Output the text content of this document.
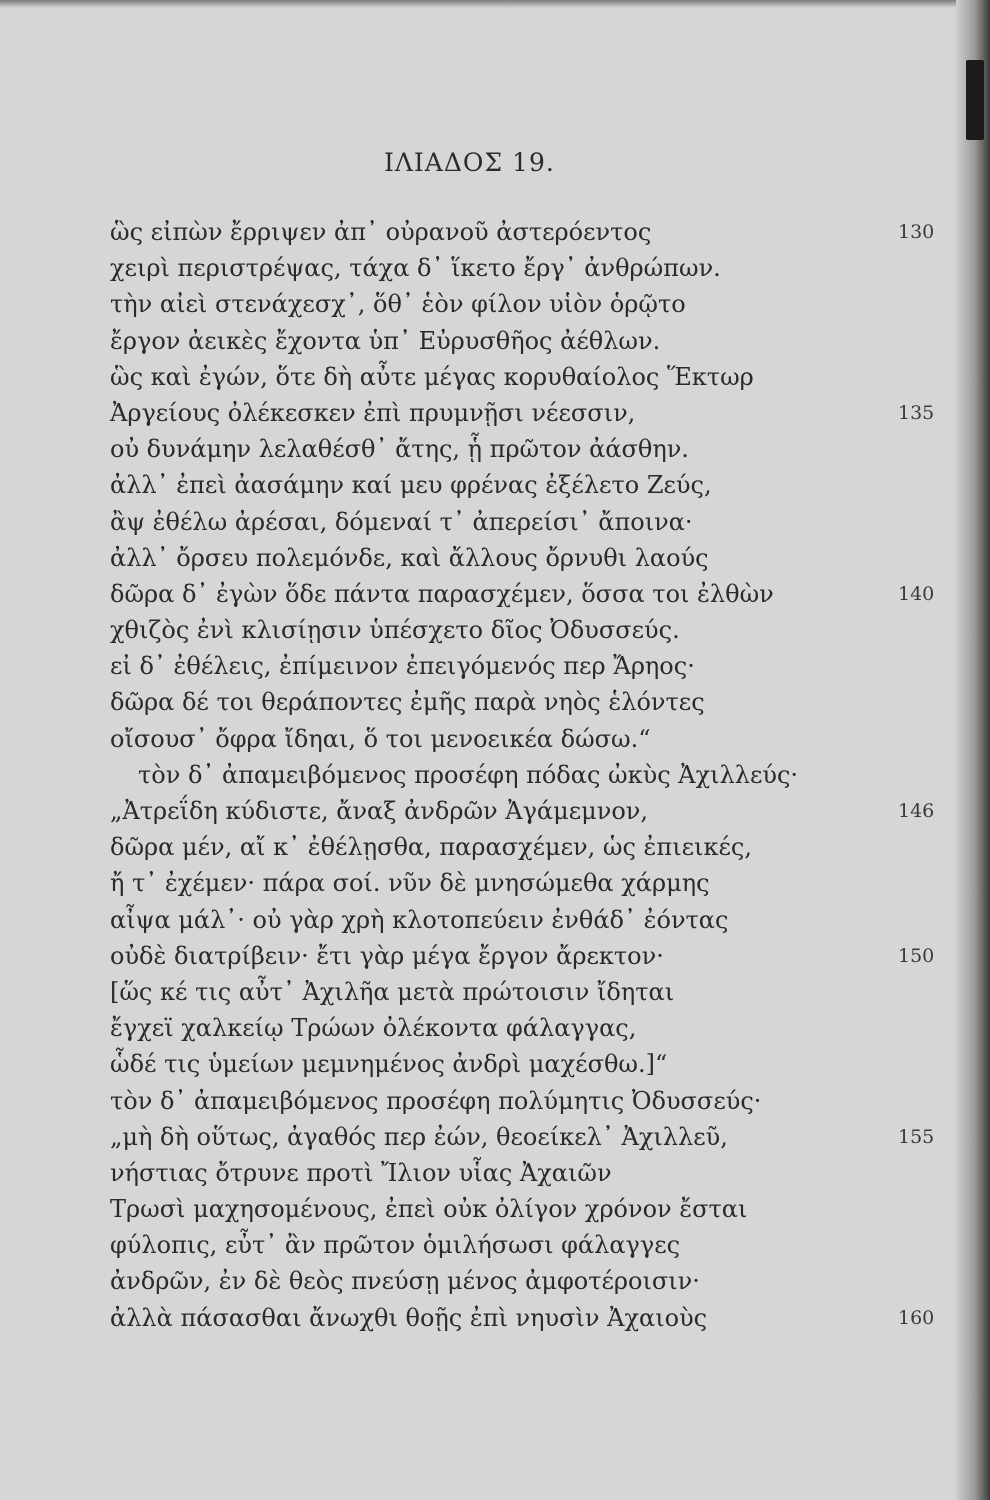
ΙΛΙΑΔΟΣ 19.
ὣς εἰπὼν ἔρριψεν ἀπ᾽ οὐρανοῦ ἀστερόεντος	130
χειρὶ περιστρέψας, τάχα δ᾽ ἵκετο ἔργ᾽ ἀνθρώπων.
τὴν αἰεὶ στενάχεσχ᾽, ὅθ᾽ ἑὸν φίλον υἱὸν ὁρῷτο
ἔργον ἀεικὲς ἔχοντα ὑπ᾽ Εὐρυσθῆος ἀέθλων.
ὣς καὶ ἐγών, ὅτε δὴ αὖτε μέγας κορυθαίολος Ἕκτωρ
Ἀργείους ὀλέκεσκεν ἐπὶ πρυμνῇσι νέεσσιν,	135
οὐ δυνάμην λελαθέσθ᾽ ἄτης, ᾗ πρῶτον ἀάσθην.
ἀλλ᾽ ἐπεὶ ἀασάμην καί μευ φρένας ἐξέλετο Ζεύς,
ἂψ ἐθέλω ἀρέσαι, δόμεναί τ᾽ ἀπερείσι᾽ ἄποινα·
ἀλλ᾽ ὄρσευ πολεμόνδε, καὶ ἄλλους ὄρνυθι λαούς
δῶρα δ᾽ ἐγὼν ὅδε πάντα παρασχέμεν, ὅσσα τοι ἐλθὼν	140
χθιζὸς ἐνὶ κλισίῃσιν ὑπέσχετο δῖος Ὀδυσσεύς.
εἰ δ᾽ ἐθέλεις, ἐπίμεινον ἐπειγόμενός περ Ἄρηος·
δῶρα δέ τοι θεράποντες ἐμῆς παρὰ νηὸς ἑλόντες
οἴσουσ᾽ ὄφρα ἴδηαι, ὅ τοι μενοεικέα δώσω.“
τὸν δ᾽ ἀπαμειβόμενος προσέφη πόδας ὠκὺς Ἀχιλλεύς·
„Ἀτρεΐδη κύδιστε, ἄναξ ἀνδρῶν Ἀγάμεμνον,	146
δῶρα μέν, αἴ κ᾽ ἐθέλῃσθα, παρασχέμεν, ὡς ἐπιεικές,
ἤ τ᾽ ἐχέμεν· πάρα σοί. νῦν δὲ μνησώμεθα χάρμης
αἶψα μάλ᾽· οὐ γὰρ χρὴ κλοτοπεύειν ἐνθάδ᾽ ἐόντας
οὐδὲ διατρίβειν· ἔτι γὰρ μέγα ἔργον ἄρεκτον·	150
[ὥς κέ τις αὖτ᾽ Ἀχιλῆα μετὰ πρώτοισιν ἴδηται
ἔγχεϊ χαλκείῳ Τρώων ὀλέκοντα φάλαγγας,
ὧδέ τις ὑμείων μεμνημένος ἀνδρὶ μαχέσθω.]“
τὸν δ᾽ ἀπαμειβόμενος προσέφη πολύμητις Ὀδυσσεύς·
„μὴ δὴ οὕτως, ἀγαθός περ ἐών, θεοείκελ᾽ Ἀχιλλεῦ,	155
νήστιας ὄτρυνε προτὶ Ἴλιον υἷας Ἀχαιῶν
Τρωσὶ μαχησομένους, ἐπεὶ οὐκ ὀλίγον χρόνον ἔσται
φύλοπις, εὖτ᾽ ἂν πρῶτον ὁμιλήσωσι φάλαγγες
ἀνδρῶν, ἐν δὲ θεὸς πνεύσῃ μένος ἀμφοτέροισιν·
ἀλλὰ πάσασθαι ἄνωχθι θοῇς ἐπὶ νηυσὶν Ἀχαιοὺς	160
